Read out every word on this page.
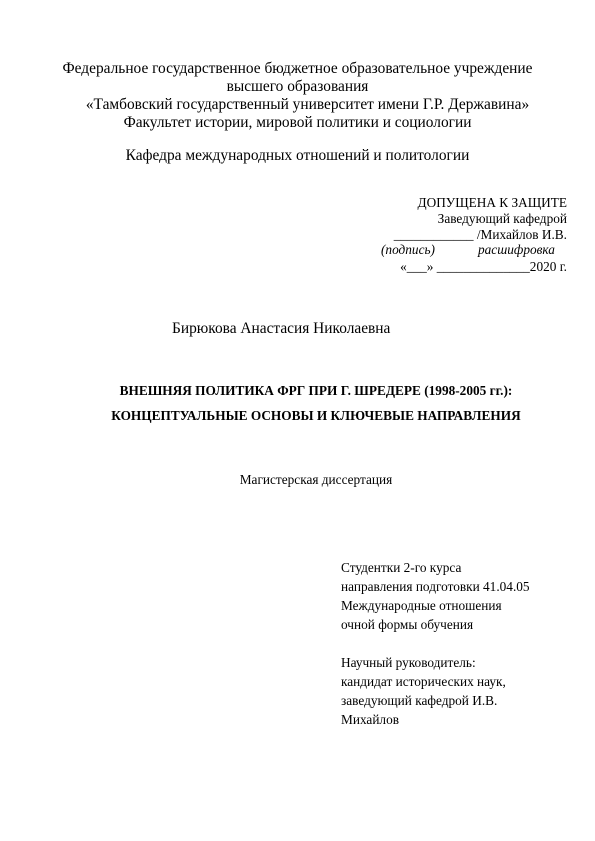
Федеральное государственное бюджетное образовательное учреждение
высшего образования
«Тамбовский государственный университет имени Г.Р. Державина»
Факультет истории, мировой политики и социологии
Кафедра международных отношений и политологии
ДОПУЩЕНА К ЗАЩИТЕ
Заведующий кафедрой
____________ /Михайлов И.В.
(подпись)	расшифровка
«___» ______________2020 г.
Бирюкова Анастасия Николаевна
ВНЕШНЯЯ ПОЛИТИКА ФРГ ПРИ Г. ШРЕДЕРЕ (1998-2005 гг.):
КОНЦЕПТУАЛЬНЫЕ ОСНОВЫ И КЛЮЧЕВЫЕ НАПРАВЛЕНИЯ
Магистерская диссертация
Студентки 2-го курса
направления подготовки 41.04.05
Международные отношения
очной формы обучения
Научный руководитель:
кандидат исторических наук,
заведующий кафедрой И.В.
Михайлов
